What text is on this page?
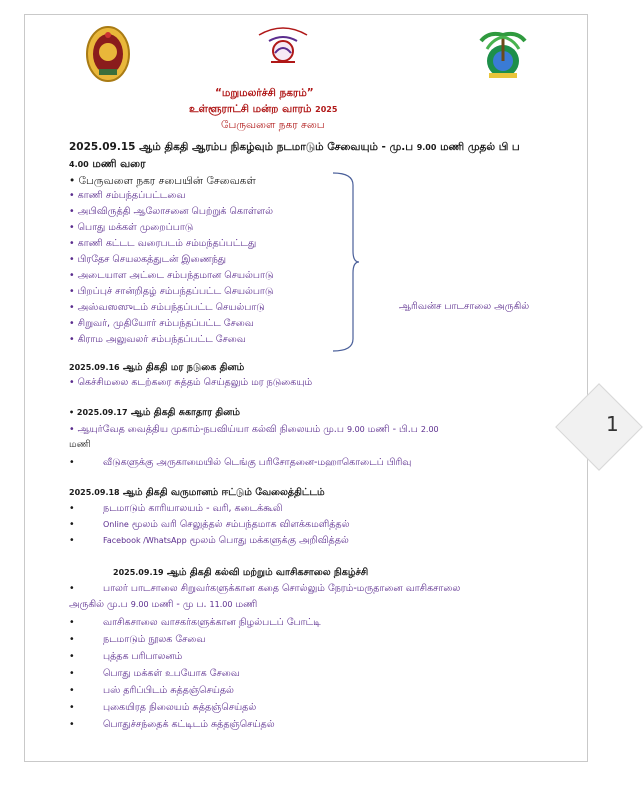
“மறுமலர்ச்சி நகரம்”
உள்ளூராட்சி மன்ற வாரம் 2025
பேருவளை நகர சபை
2025.09.15 ஆம் திகதி ஆரம்ப நிகழ்வும் நடமாடும் சேவையும் - மு.ப 9.00 மணி முதல் பி ப
4.00 மணி வரை
• பேருவளை நகர சபையின் சேவைகள்
• காணி சம்பந்தப்பட்டவை
• அபிவிருத்தி ஆலோசனை பெற்றுக் கொள்ளல்
• பொது மக்கள் முறைப்பாடு
• காணி கட்டட வரைபடம் சம்மந்தப்பட்டது
• பிரதேச செயலகத்துடன் இணைந்து
• அடையாள அட்டை சம்பந்தமான செயல்பாடு
• பிறப்புச் சான்றிதழ் சம்பந்தப்பட்ட செயல்பாடு
• அஸ்வஸஸுடம் சம்பந்தப்பட்ட செயல்பாடு
• சிறுவர், முதியோர் சம்பந்தப்பட்ட சேவை
• கிராம அலுவலர் சம்பந்தப்பட்ட சேவை
ஆரிவன்ச பாடசாலை அருகில்
2025.09.16 ஆம் திகதி மர நடுகை தினம்
• கெச்சிமலை கடற்கரை சுத்தம் செய்தலும் மர நடுகையும்
• 2025.09.17 ஆம் திகதி சுகாதார தினம்
• ஆயுர்வேத வைத்திய முகாம்-நபவிய்யா கல்வி நிலையம் மு.ப 9.00 மணி - பி.ப 2.00
மணி
•	வீடுகளுக்கு அருகாமையில் டெங்கு பரிசோதனை-மஹாகொடைப் பிரிவு
2025.09.18 ஆம் திகதி வருமானம் ஈட்டும் வேலைத்திட்டம்
•	நடமாடும் காரியாலயம் - வரி, கடைக்கூலி
•	Online மூலம் வரி செலுத்தல் சம்பந்தமாக விளக்கமளித்தல்
•	Facebook /WhatsApp மூலம் பொது மக்களுக்கு அறிவித்தல்
2025.09.19 ஆம் திகதி கல்வி மற்றும் வாசிகசாலை நிகழ்ச்சி
•	பாலர் பாடசாலை சிறுவர்களுக்கான கதை சொல்லும் நேரம்-மருதானை வாசிகசாலை
அருகில் மு.ப 9.00 மணி - மு ப. 11.00 மணி
•	வாசிகசாலை வாசகர்களுக்கான நிழல்படப் போட்டி
•	நடமாடும் நூலக சேவை
•	புத்தக பரிபாலனம்
•	பொது மக்கள் உபயோக சேவை
•	பஸ் தரிப்பிடம் சுத்தஞ்செய்தல்
•	புகையிரத நிலையம் சுத்தஞ்செய்தல்
•	பொதுச்சந்தைக் கட்டிடம் சுத்தஞ்செய்தல்
1
